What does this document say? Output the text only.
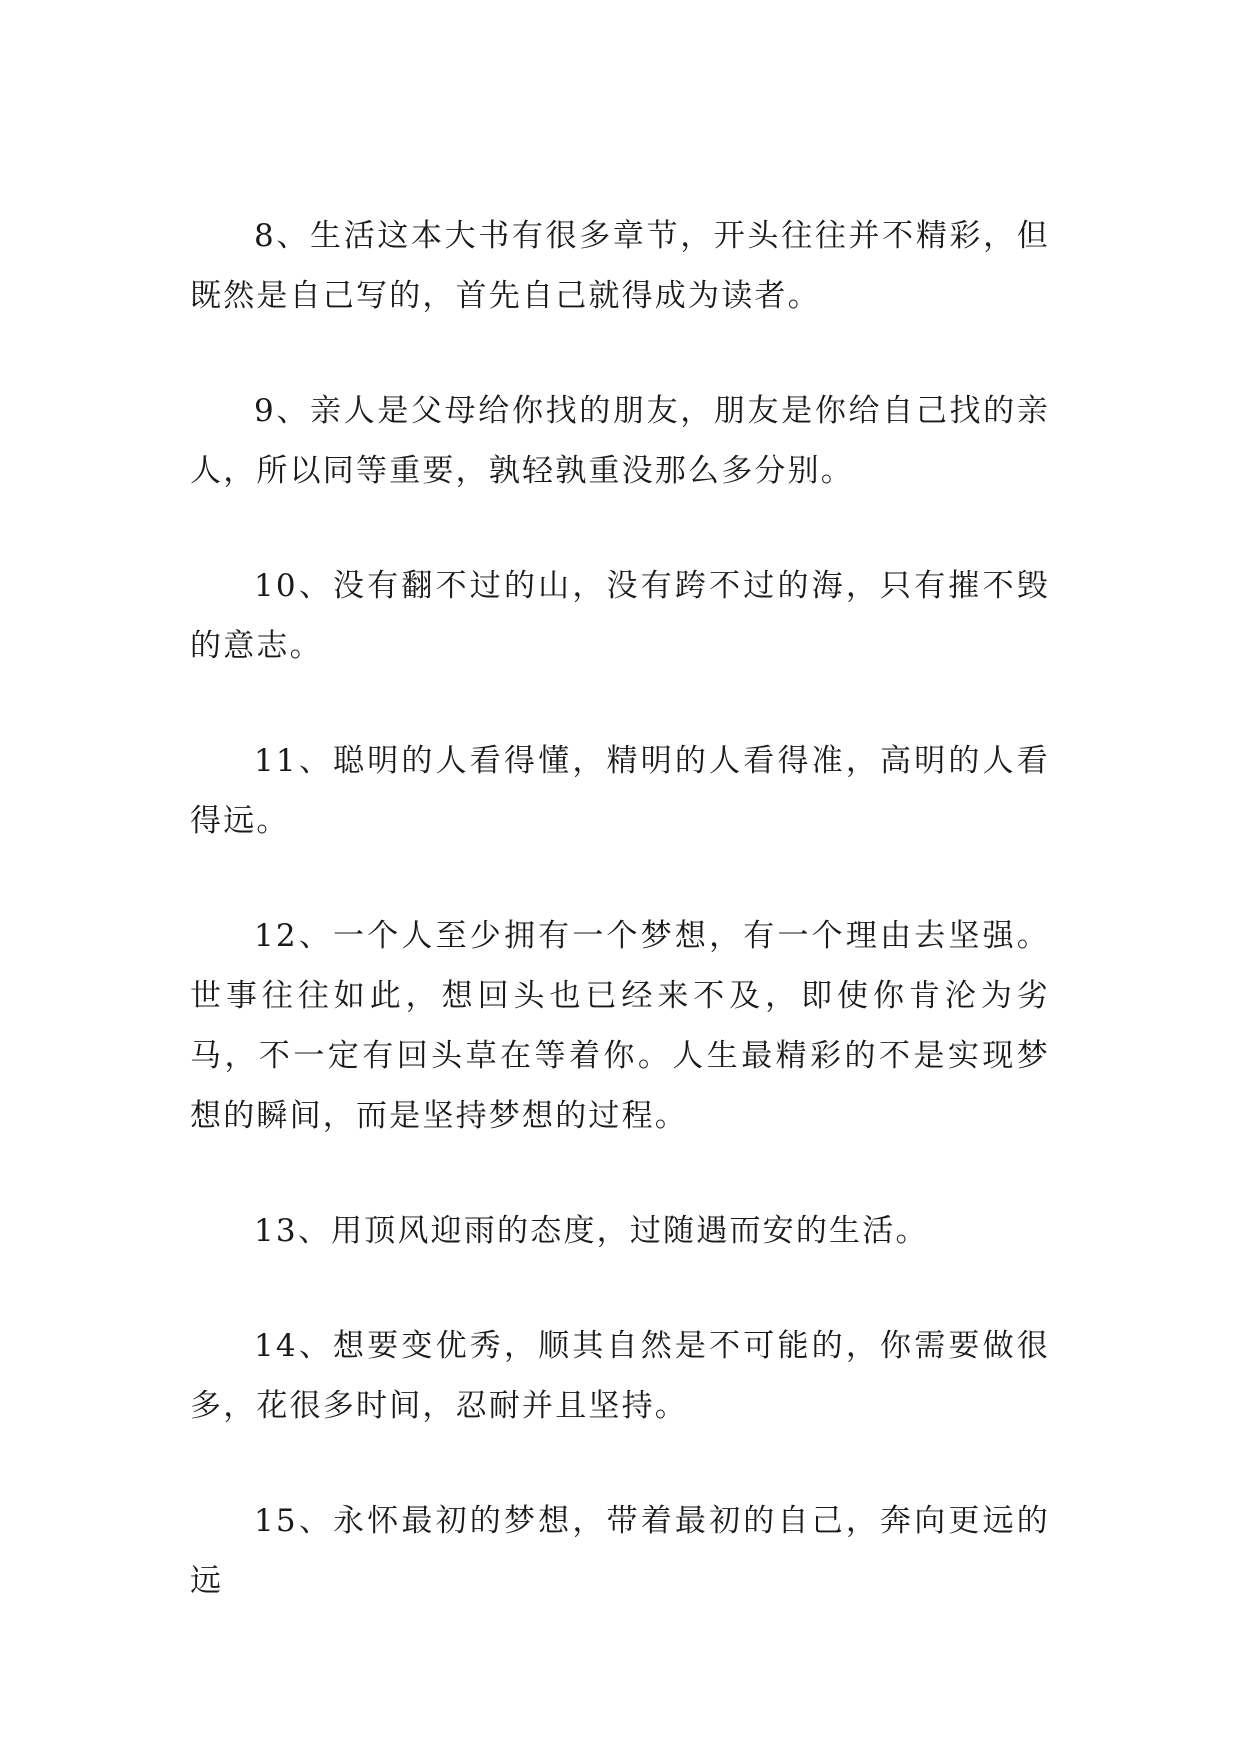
8、生活这本大书有很多章节，开头往往并不精彩，但既然是自己写的，首先自己就得成为读者。

9、亲人是父母给你找的朋友，朋友是你给自己找的亲人，所以同等重要，孰轻孰重没那么多分别。

10、没有翻不过的山，没有跨不过的海，只有摧不毁的意志。

11、聪明的人看得懂，精明的人看得准，高明的人看得远。

12、一个人至少拥有一个梦想，有一个理由去坚强。世事往往如此，想回头也已经来不及，即使你肯沦为劣马，不一定有回头草在等着你。人生最精彩的不是实现梦想的瞬间，而是坚持梦想的过程。

13、用顶风迎雨的态度，过随遇而安的生活。

14、想要变优秀，顺其自然是不可能的，你需要做很多，花很多时间，忍耐并且坚持。

15、永怀最初的梦想，带着最初的自己，奔向更远的远
